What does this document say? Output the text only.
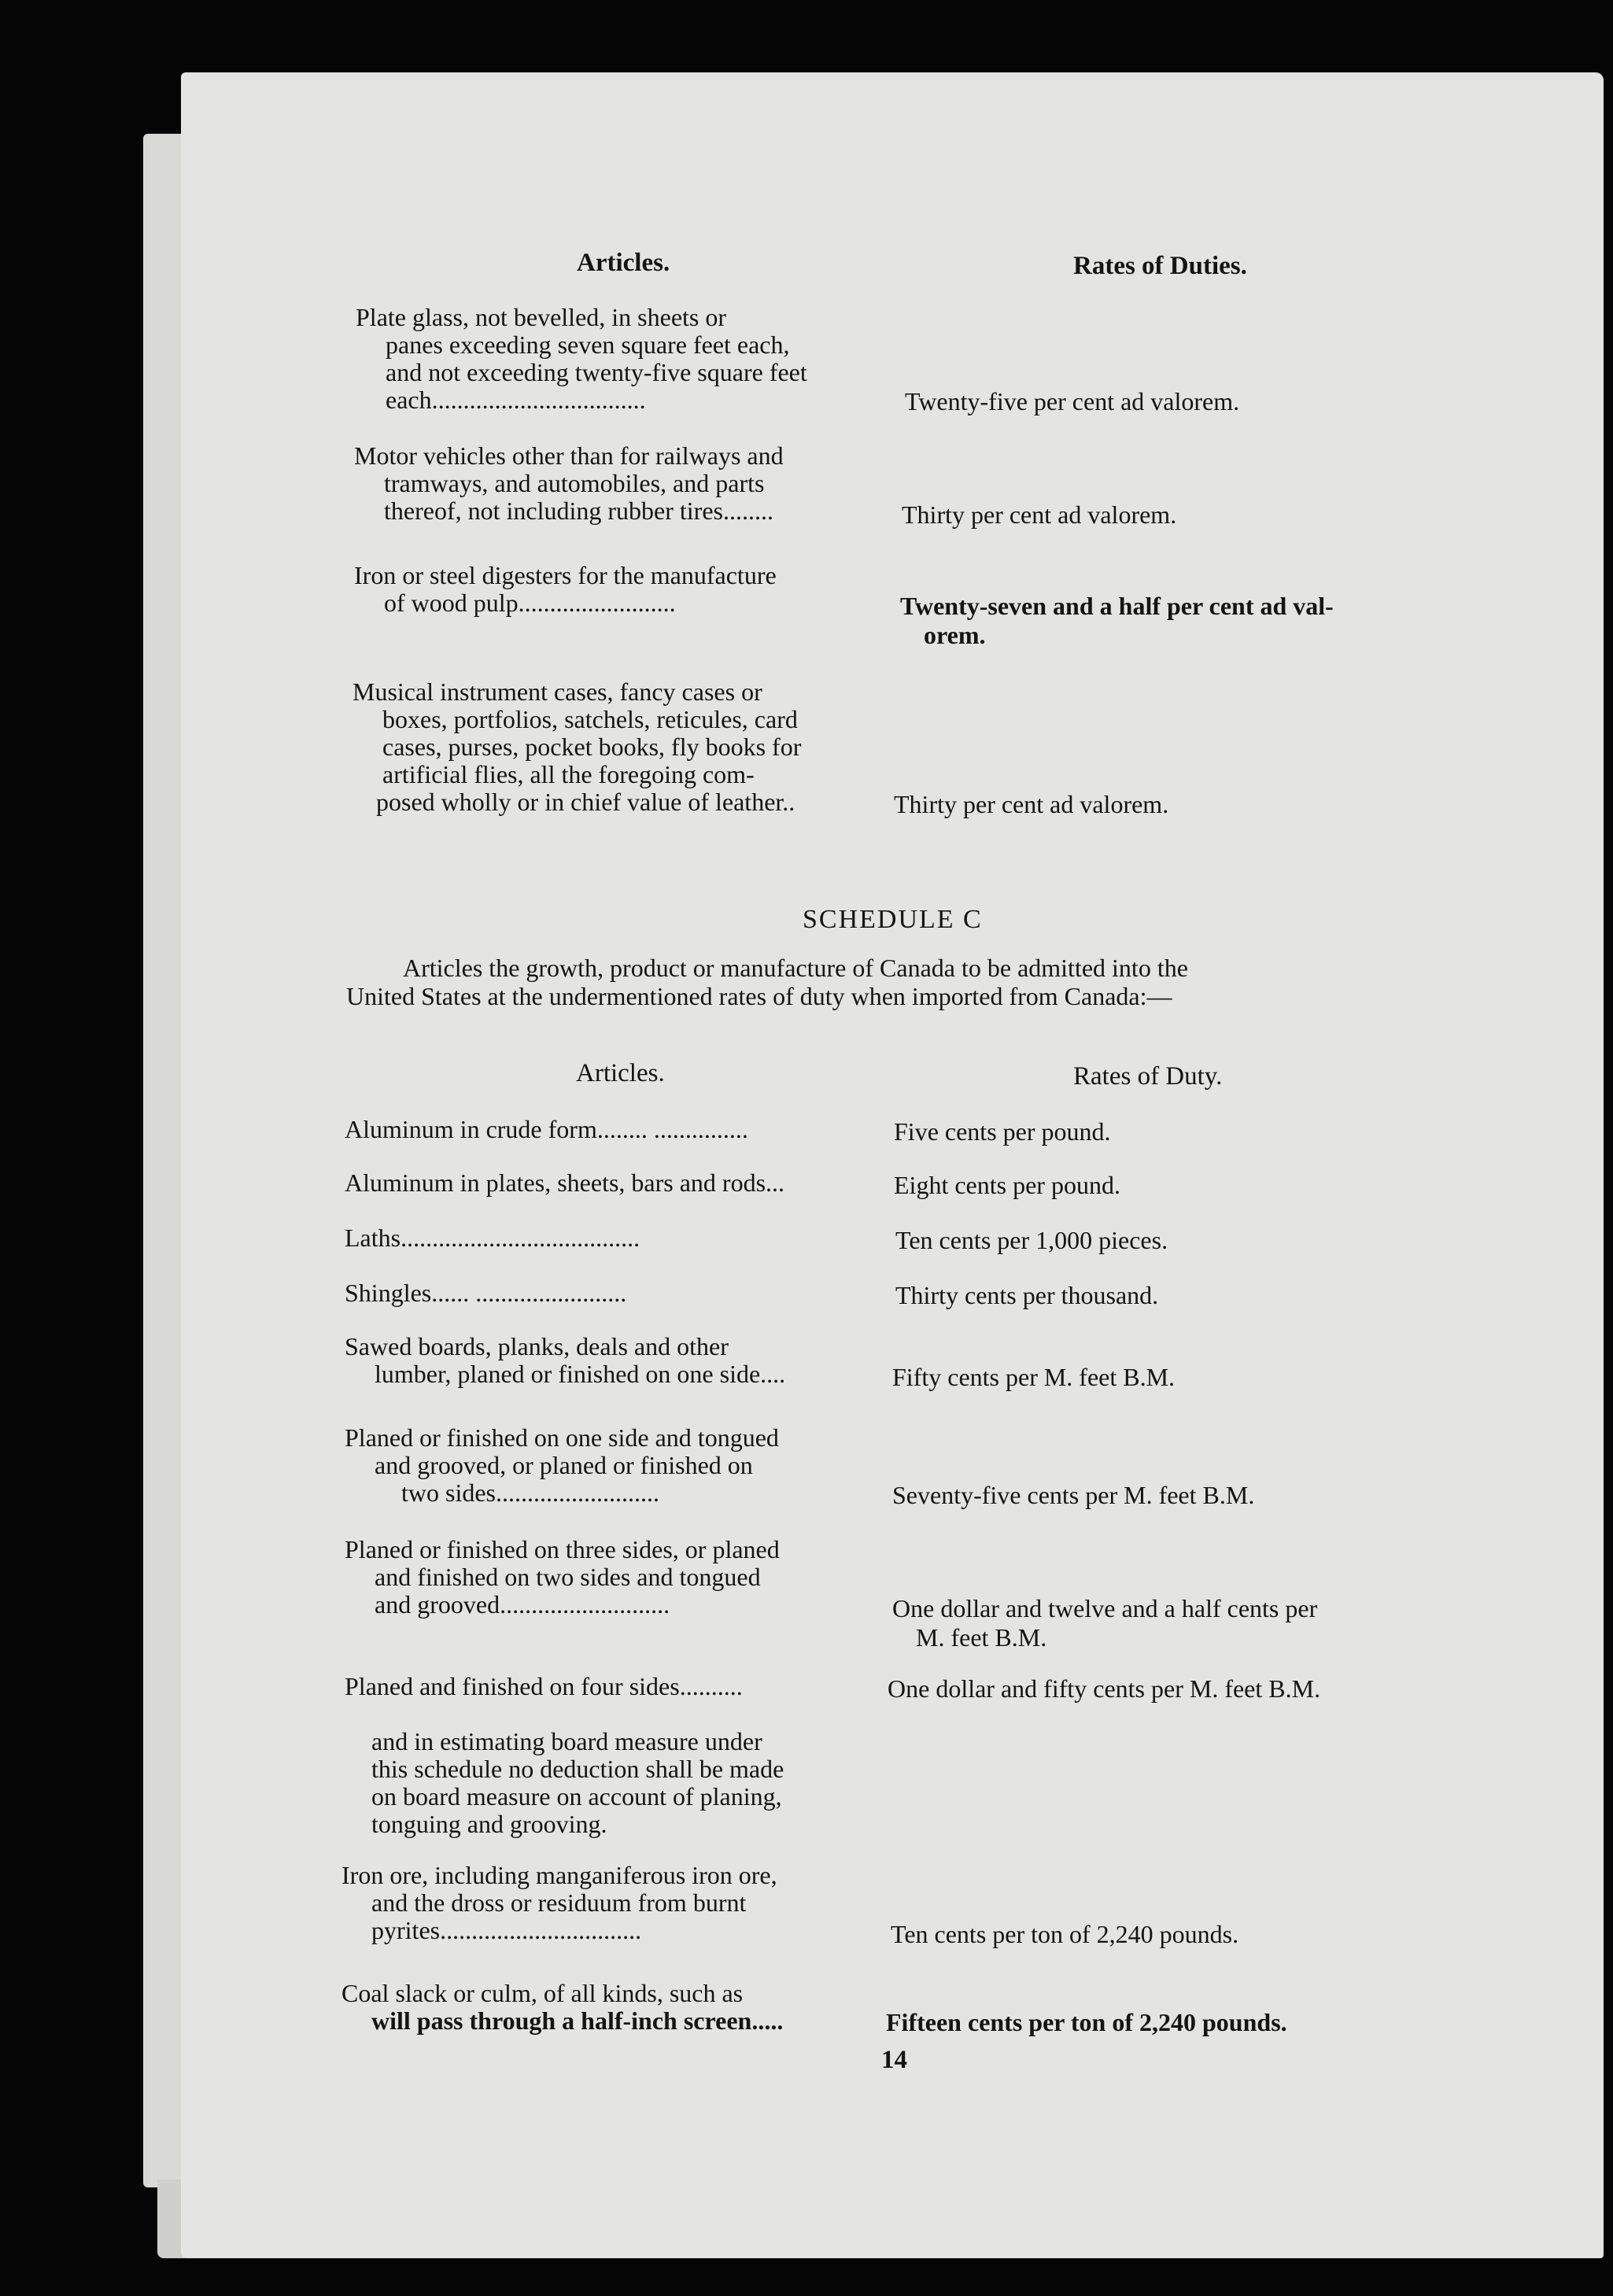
Articles.	Rates of Duties.
Plate glass, not bevelled, in sheets or
panes exceeding seven square feet each,
and not exceeding twenty-five square feet
each..................................	Twenty-five per cent ad valorem.
Motor vehicles other than for railways and
tramways, and automobiles, and parts
thereof, not including rubber tires........	Thirty per cent ad valorem.
Iron or steel digesters for the manufacture
of wood pulp.........................	Twenty-seven and a half per cent ad val-
orem.
Musical instrument cases, fancy cases or
boxes, portfolios, satchels, reticules, card
cases, purses, pocket books, fly books for
artificial flies, all the foregoing com-
posed wholly or in chief value of leather..	Thirty per cent ad valorem.
SCHEDULE C
Articles the growth, product or manufacture of Canada to be admitted into the
United States at the undermentioned rates of duty when imported from Canada:—
Articles.	Rates of Duty.
Aluminum in crude form........ ...............	Five cents per pound.
Aluminum in plates, sheets, bars and rods...	Eight cents per pound.
Laths......................................	Ten cents per 1,000 pieces.
Shingles...... ........................	Thirty cents per thousand.
Sawed boards, planks, deals and other
lumber, planed or finished on one side....	Fifty cents per M. feet B.M.
Planed or finished on one side and tongued
and grooved, or planed or finished on
two sides..........................	Seventy-five cents per M. feet B.M.
Planed or finished on three sides, or planed
and finished on two sides and tongued
and grooved...........................	One dollar and twelve and a half cents per
M. feet B.M.
Planed and finished on four sides..........	One dollar and fifty cents per M. feet B.M.
and in estimating board measure under
this schedule no deduction shall be made
on board measure on account of planing,
tonguing and grooving.
Iron ore, including manganiferous iron ore,
and the dross or residuum from burnt
pyrites................................	Ten cents per ton of 2,240 pounds.
Coal slack or culm, of all kinds, such as
will pass through a half-inch screen.....	Fifteen cents per ton of 2,240 pounds.
14
